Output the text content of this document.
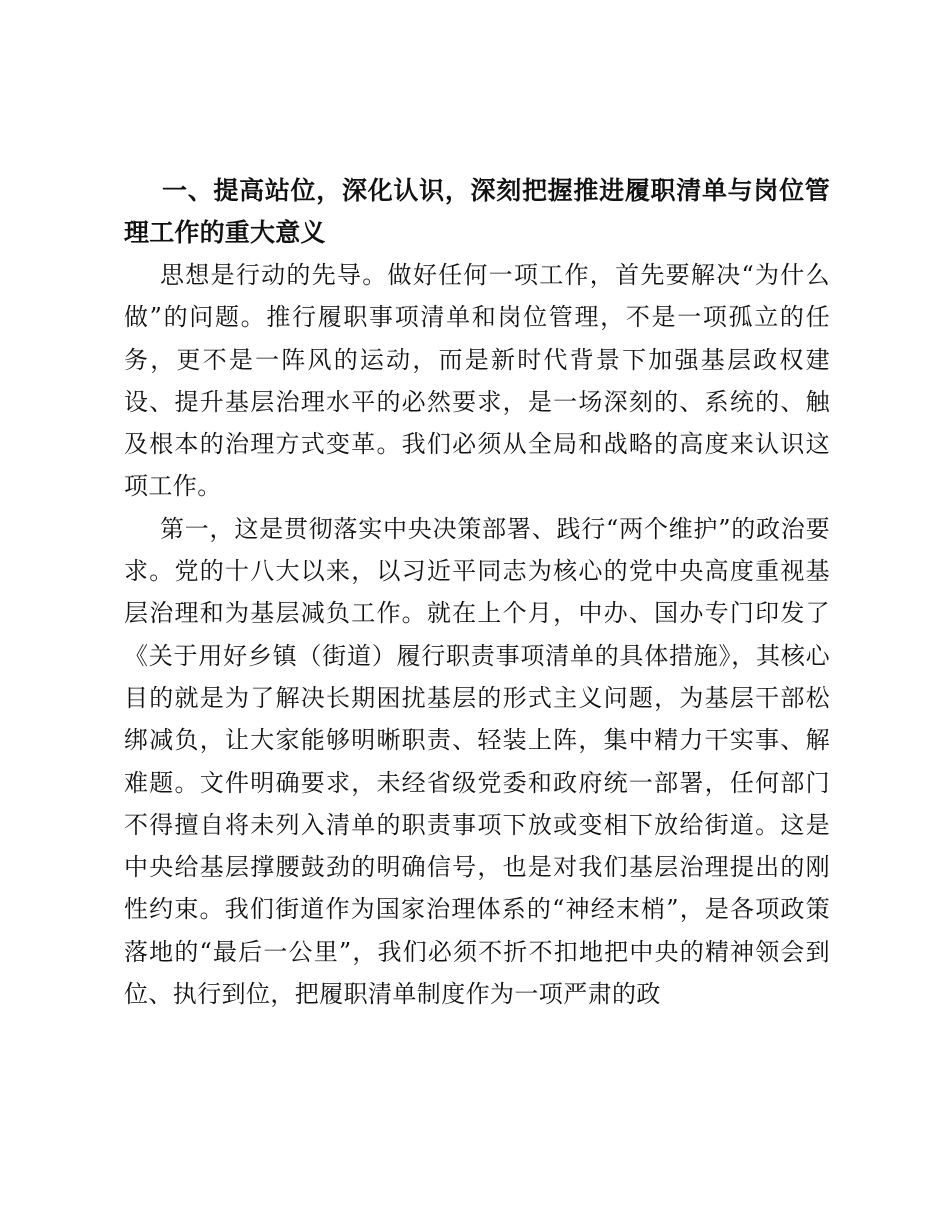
一、提高站位，深化认识，深刻把握推进履职清单与岗位管理工作的重大意义

思想是行动的先导。做好任何一项工作，首先要解决“为什么做”的问题。推行履职事项清单和岗位管理，不是一项孤立的任务，更不是一阵风的运动，而是新时代背景下加强基层政权建设、提升基层治理水平的必然要求，是一场深刻的、系统的、触及根本的治理方式变革。我们必须从全局和战略的高度来认识这项工作。

第一，这是贯彻落实中央决策部署、践行“两个维护”的政治要求。党的十八大以来，以习近平同志为核心的党中央高度重视基层治理和为基层减负工作。就在上个月，中办、国办专门印发了《关于用好乡镇（街道）履行职责事项清单的具体措施》，其核心目的就是为了解决长期困扰基层的形式主义问题，为基层干部松绑减负，让大家能够明晰职责、轻装上阵，集中精力干实事、解难题。文件明确要求，未经省级党委和政府统一部署，任何部门不得擅自将未列入清单的职责事项下放或变相下放给街道。这是中央给基层撑腰鼓劲的明确信号，也是对我们基层治理提出的刚性约束。我们街道作为国家治理体系的“神经末梢”，是各项政策落地的“最后一公里”，我们必须不折不扣地把中央的精神领会到位、执行到位，把履职清单制度作为一项严肃的政
